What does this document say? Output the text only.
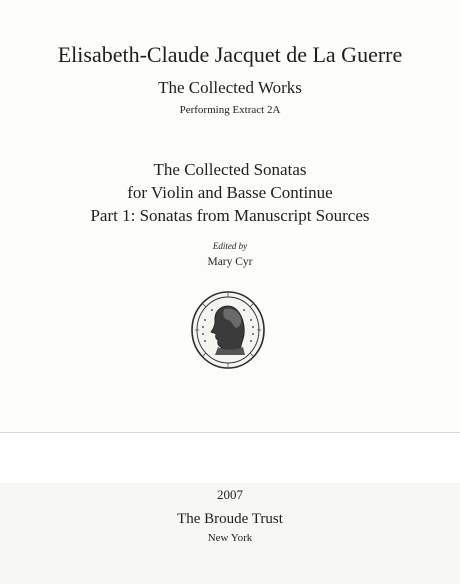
Elisabeth-Claude Jacquet de La Guerre
The Collected Works
Performing Extract 2A
The Collected Sonatas
for Violin and Basse Continue
Part 1: Sonatas from Manuscript Sources
Edited by
Mary Cyr
2007
The Broude Trust
New York
